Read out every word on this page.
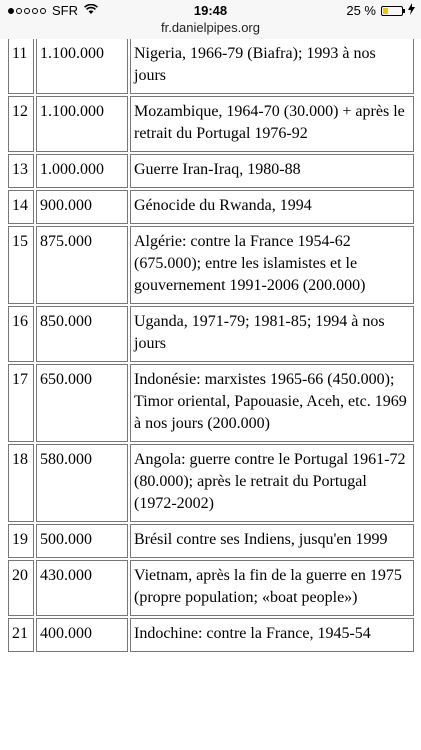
SFR	19:48	25 %
fr.danielpipes.org
11	1.100.000	Nigeria, 1966-79 (Biafra); 1993 à nos jours
12	1.100.000	Mozambique, 1964-70 (30.000) + après le retrait du Portugal 1976-92
13	1.000.000	Guerre Iran-Iraq, 1980-88
14	900.000	Génocide du Rwanda, 1994
15	875.000	Algérie: contre la France 1954-62 (675.000); entre les islamistes et le gouvernement 1991-2006 (200.000)
16	850.000	Uganda, 1971-79; 1981-85; 1994 à nos jours
17	650.000	Indonésie: marxistes 1965-66 (450.000); Timor oriental, Papouasie, Aceh, etc. 1969 à nos jours (200.000)
18	580.000	Angola: guerre contre le Portugal 1961-72 (80.000); après le retrait du Portugal (1972-2002)
19	500.000	Brésil contre ses Indiens, jusqu'en 1999
20	430.000	Vietnam, après la fin de la guerre en 1975 (propre population; «boat people»)
21	400.000	Indochine: contre la France, 1945-54
